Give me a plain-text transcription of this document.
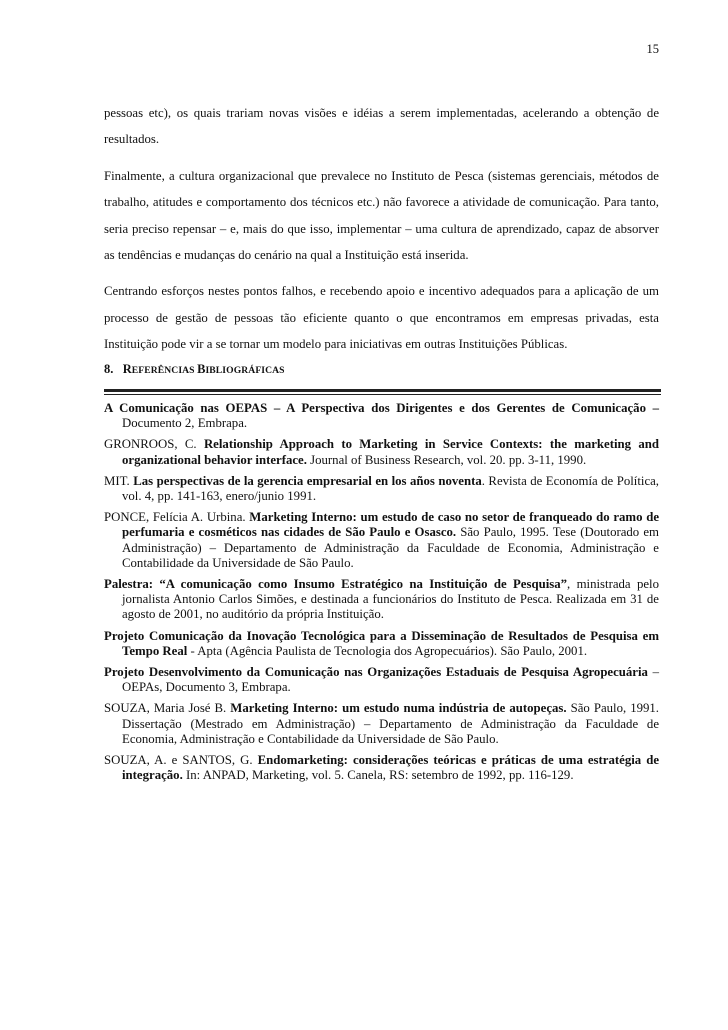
15

pessoas etc), os quais trariam novas visões e idéias a serem implementadas, acelerando a obtenção de resultados.

Finalmente, a cultura organizacional que prevalece no Instituto de Pesca (sistemas gerenciais, métodos de trabalho, atitudes e comportamento dos técnicos etc.) não favorece a atividade de comunicação. Para tanto, seria preciso repensar – e, mais do que isso, implementar – uma cultura de aprendizado, capaz de absorver as tendências e mudanças do cenário na qual a Instituição está inserida.

Centrando esforços nestes pontos falhos, e recebendo apoio e incentivo adequados para a aplicação de um processo de gestão de pessoas tão eficiente quanto o que encontramos em empresas privadas, esta Instituição pode vir a se tornar um modelo para iniciativas em outras Instituições Públicas.

8. REFERÊNCIAS BIBLIOGRÁFICAS
A Comunicação nas OEPAS – A Perspectiva dos Dirigentes e dos Gerentes de Comunicação – Documento 2, Embrapa.
GRONROOS, C. Relationship Approach to Marketing in Service Contexts: the marketing and organizational behavior interface. Journal of Business Research, vol. 20. pp. 3-11, 1990.
MIT. Las perspectivas de la gerencia empresarial en los años noventa. Revista de Economía de Política, vol. 4, pp. 141-163, enero/junio 1991.
PONCE, Felícia A. Urbina. Marketing Interno: um estudo de caso no setor de franqueado do ramo de perfumaria e cosméticos nas cidades de São Paulo e Osasco. São Paulo, 1995. Tese (Doutorado em Administração) – Departamento de Administração da Faculdade de Economia, Administração e Contabilidade da Universidade de São Paulo.
Palestra: “A comunicação como Insumo Estratégico na Instituição de Pesquisa”, ministrada pelo jornalista Antonio Carlos Simões, e destinada a funcionários do Instituto de Pesca. Realizada em 31 de agosto de 2001, no auditório da própria Instituição.
Projeto Comunicação da Inovação Tecnológica para a Disseminação de Resultados de Pesquisa em Tempo Real - Apta (Agência Paulista de Tecnologia dos Agropecuários). São Paulo, 2001.
Projeto Desenvolvimento da Comunicação nas Organizações Estaduais de Pesquisa Agropecuária – OEPAs, Documento 3, Embrapa.
SOUZA, Maria José B. Marketing Interno: um estudo numa indústria de autopeças. São Paulo, 1991. Dissertação (Mestrado em Administração) – Departamento de Administração da Faculdade de Economia, Administração e Contabilidade da Universidade de São Paulo.
SOUZA, A. e SANTOS, G. Endomarketing: considerações teóricas e práticas de uma estratégia de integração. In: ANPAD, Marketing, vol. 5. Canela, RS: setembro de 1992, pp. 116-129.
